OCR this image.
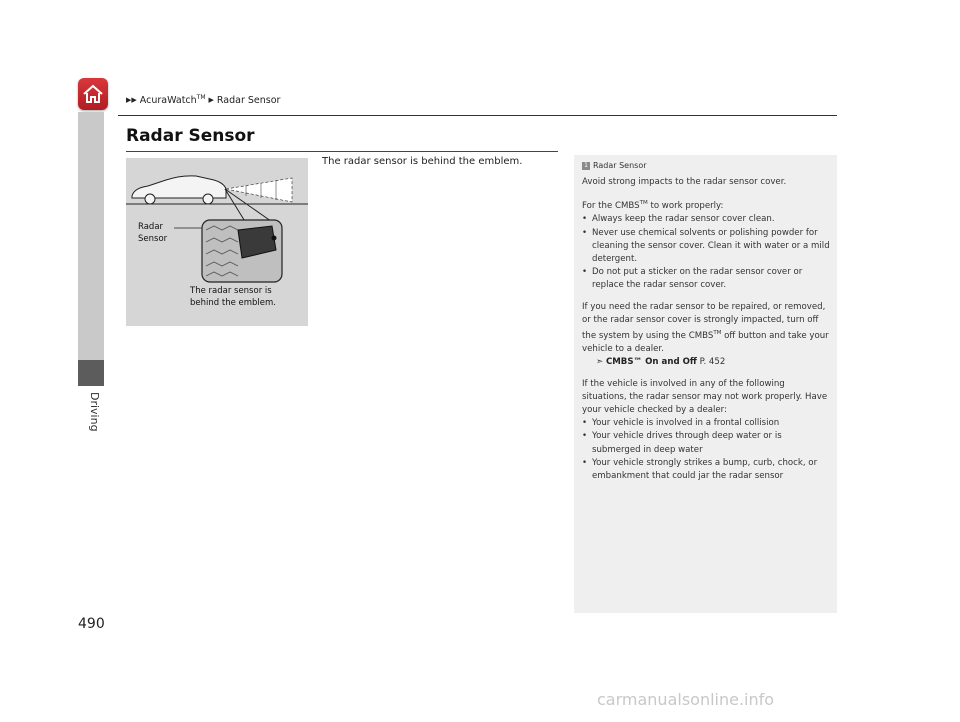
Driving
▶▶ AcuraWatch™ ▶ Radar Sensor
Radar Sensor
The radar sensor is behind the emblem.
Radar
Sensor
The radar sensor is
behind the emblem.
1 Radar Sensor
Avoid strong impacts to the radar sensor cover.
For the CMBS™ to work properly:
• Always keep the radar sensor cover clean.
• Never use chemical solvents or polishing powder for cleaning the sensor cover. Clean it with water or a mild detergent.
• Do not put a sticker on the radar sensor cover or replace the radar sensor cover.
If you need the radar sensor to be repaired, or removed, or the radar sensor cover is strongly impacted, turn off the system by using the CMBS™ off button and take your vehicle to a dealer.
➣ CMBS™ On and Off P. 452
If the vehicle is involved in any of the following situations, the radar sensor may not work properly. Have your vehicle checked by a dealer:
• Your vehicle is involved in a frontal collision
• Your vehicle drives through deep water or is submerged in deep water
• Your vehicle strongly strikes a bump, curb, chock, or embankment that could jar the radar sensor
490
carmanualsonline.info
